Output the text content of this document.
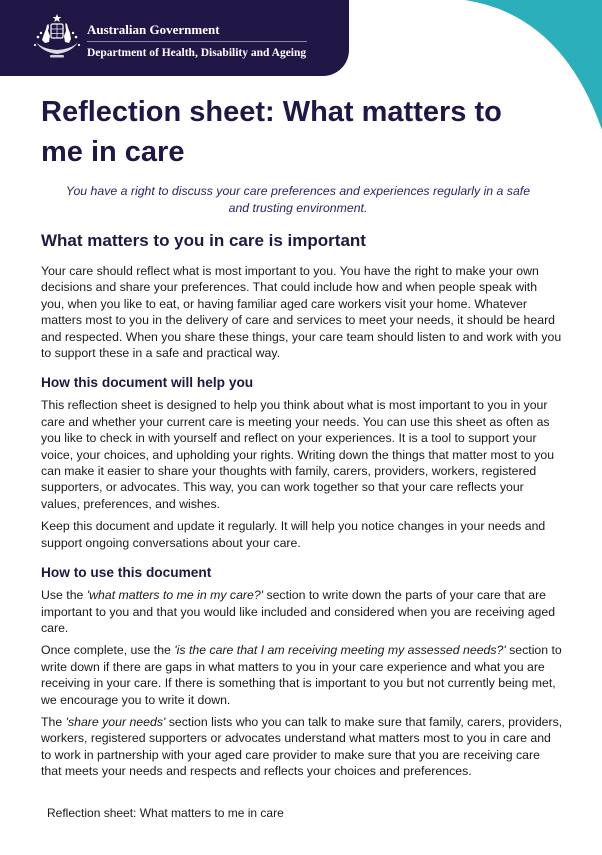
Australian Government
Department of Health, Disability and Ageing
Reflection sheet: What matters to me in care

You have a right to discuss your care preferences and experiences regularly in a safe and trusting environment.

What matters to you in care is important

Your care should reflect what is most important to you. You have the right to make your own decisions and share your preferences. That could include how and when people speak with you, when you like to eat, or having familiar aged care workers visit your home. Whatever matters most to you in the delivery of care and services to meet your needs, it should be heard and respected. When you share these things, your care team should listen to and work with you to support these in a safe and practical way.

How this document will help you

This reflection sheet is designed to help you think about what is most important to you in your care and whether your current care is meeting your needs. You can use this sheet as often as you like to check in with yourself and reflect on your experiences. It is a tool to support your voice, your choices, and upholding your rights. Writing down the things that matter most to you can make it easier to share your thoughts with family, carers, providers, workers, registered supporters, or advocates. This way, you can work together so that your care reflects your values, preferences, and wishes.

Keep this document and update it regularly. It will help you notice changes in your needs and support ongoing conversations about your care.

How to use this document

Use the 'what matters to me in my care?' section to write down the parts of your care that are important to you and that you would like included and considered when you are receiving aged care.

Once complete, use the 'is the care that I am receiving meeting my assessed needs?' section to write down if there are gaps in what matters to you in your care experience and what you are receiving in your care. If there is something that is important to you but not currently being met, we encourage you to write it down.

The 'share your needs' section lists who you can talk to make sure that family, carers, providers, workers, registered supporters or advocates understand what matters most to you in care and to work in partnership with your aged care provider to make sure that you are receiving care that meets your needs and respects and reflects your choices and preferences.

Reflection sheet: What matters to me in care
